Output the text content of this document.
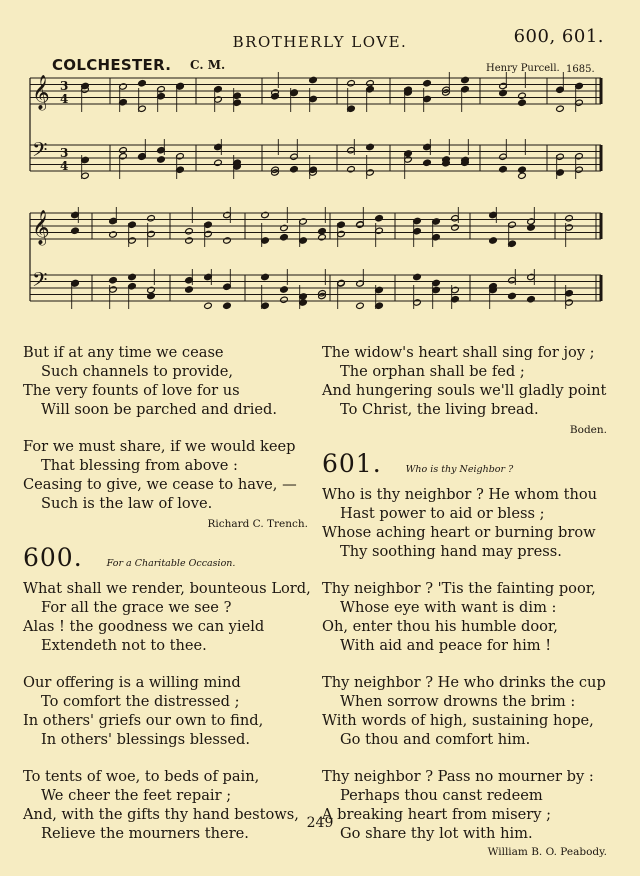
BROTHERLY LOVE.	600, 601.
COLCHESTER. C. M.	Henry Purcell. 1685.
𝄞 3
4
𝄢 3
4
𝄞
𝄢
But if at any time we cease
Such channels to provide,
The very founts of love for us
Will soon be parched and dried.
For we must share, if we would keep
That blessing from above :
Ceasing to give, we cease to have, —
Such is the law of love.
Richard C. Trench.
600.	For a Charitable Occasion.
What shall we render, bounteous Lord,
For all the grace we see ?
Alas ! the goodness we can yield
Extendeth not to thee.
Our offering is a willing mind
To comfort the distressed ;
In others' griefs our own to find,
In others' blessings blessed.
To tents of woe, to beds of pain,
We cheer the feet repair ;
And, with the gifts thy hand bestows,
Relieve the mourners there.
The widow's heart shall sing for joy ;
The orphan shall be fed ;
And hungering souls we'll gladly point
To Christ, the living bread.
Boden.
601.	Who is thy Neighbor ?
Who is thy neighbor ? He whom thou
Hast power to aid or bless ;
Whose aching heart or burning brow
Thy soothing hand may press.
Thy neighbor ? 'Tis the fainting poor,
Whose eye with want is dim :
Oh, enter thou his humble door,
With aid and peace for him !
Thy neighbor ? He who drinks the cup
When sorrow drowns the brim :
With words of high, sustaining hope,
Go thou and comfort him.
Thy neighbor ? Pass no mourner by :
Perhaps thou canst redeem
A breaking heart from misery ;
Go share thy lot with him.
William B. O. Peabody.
249
